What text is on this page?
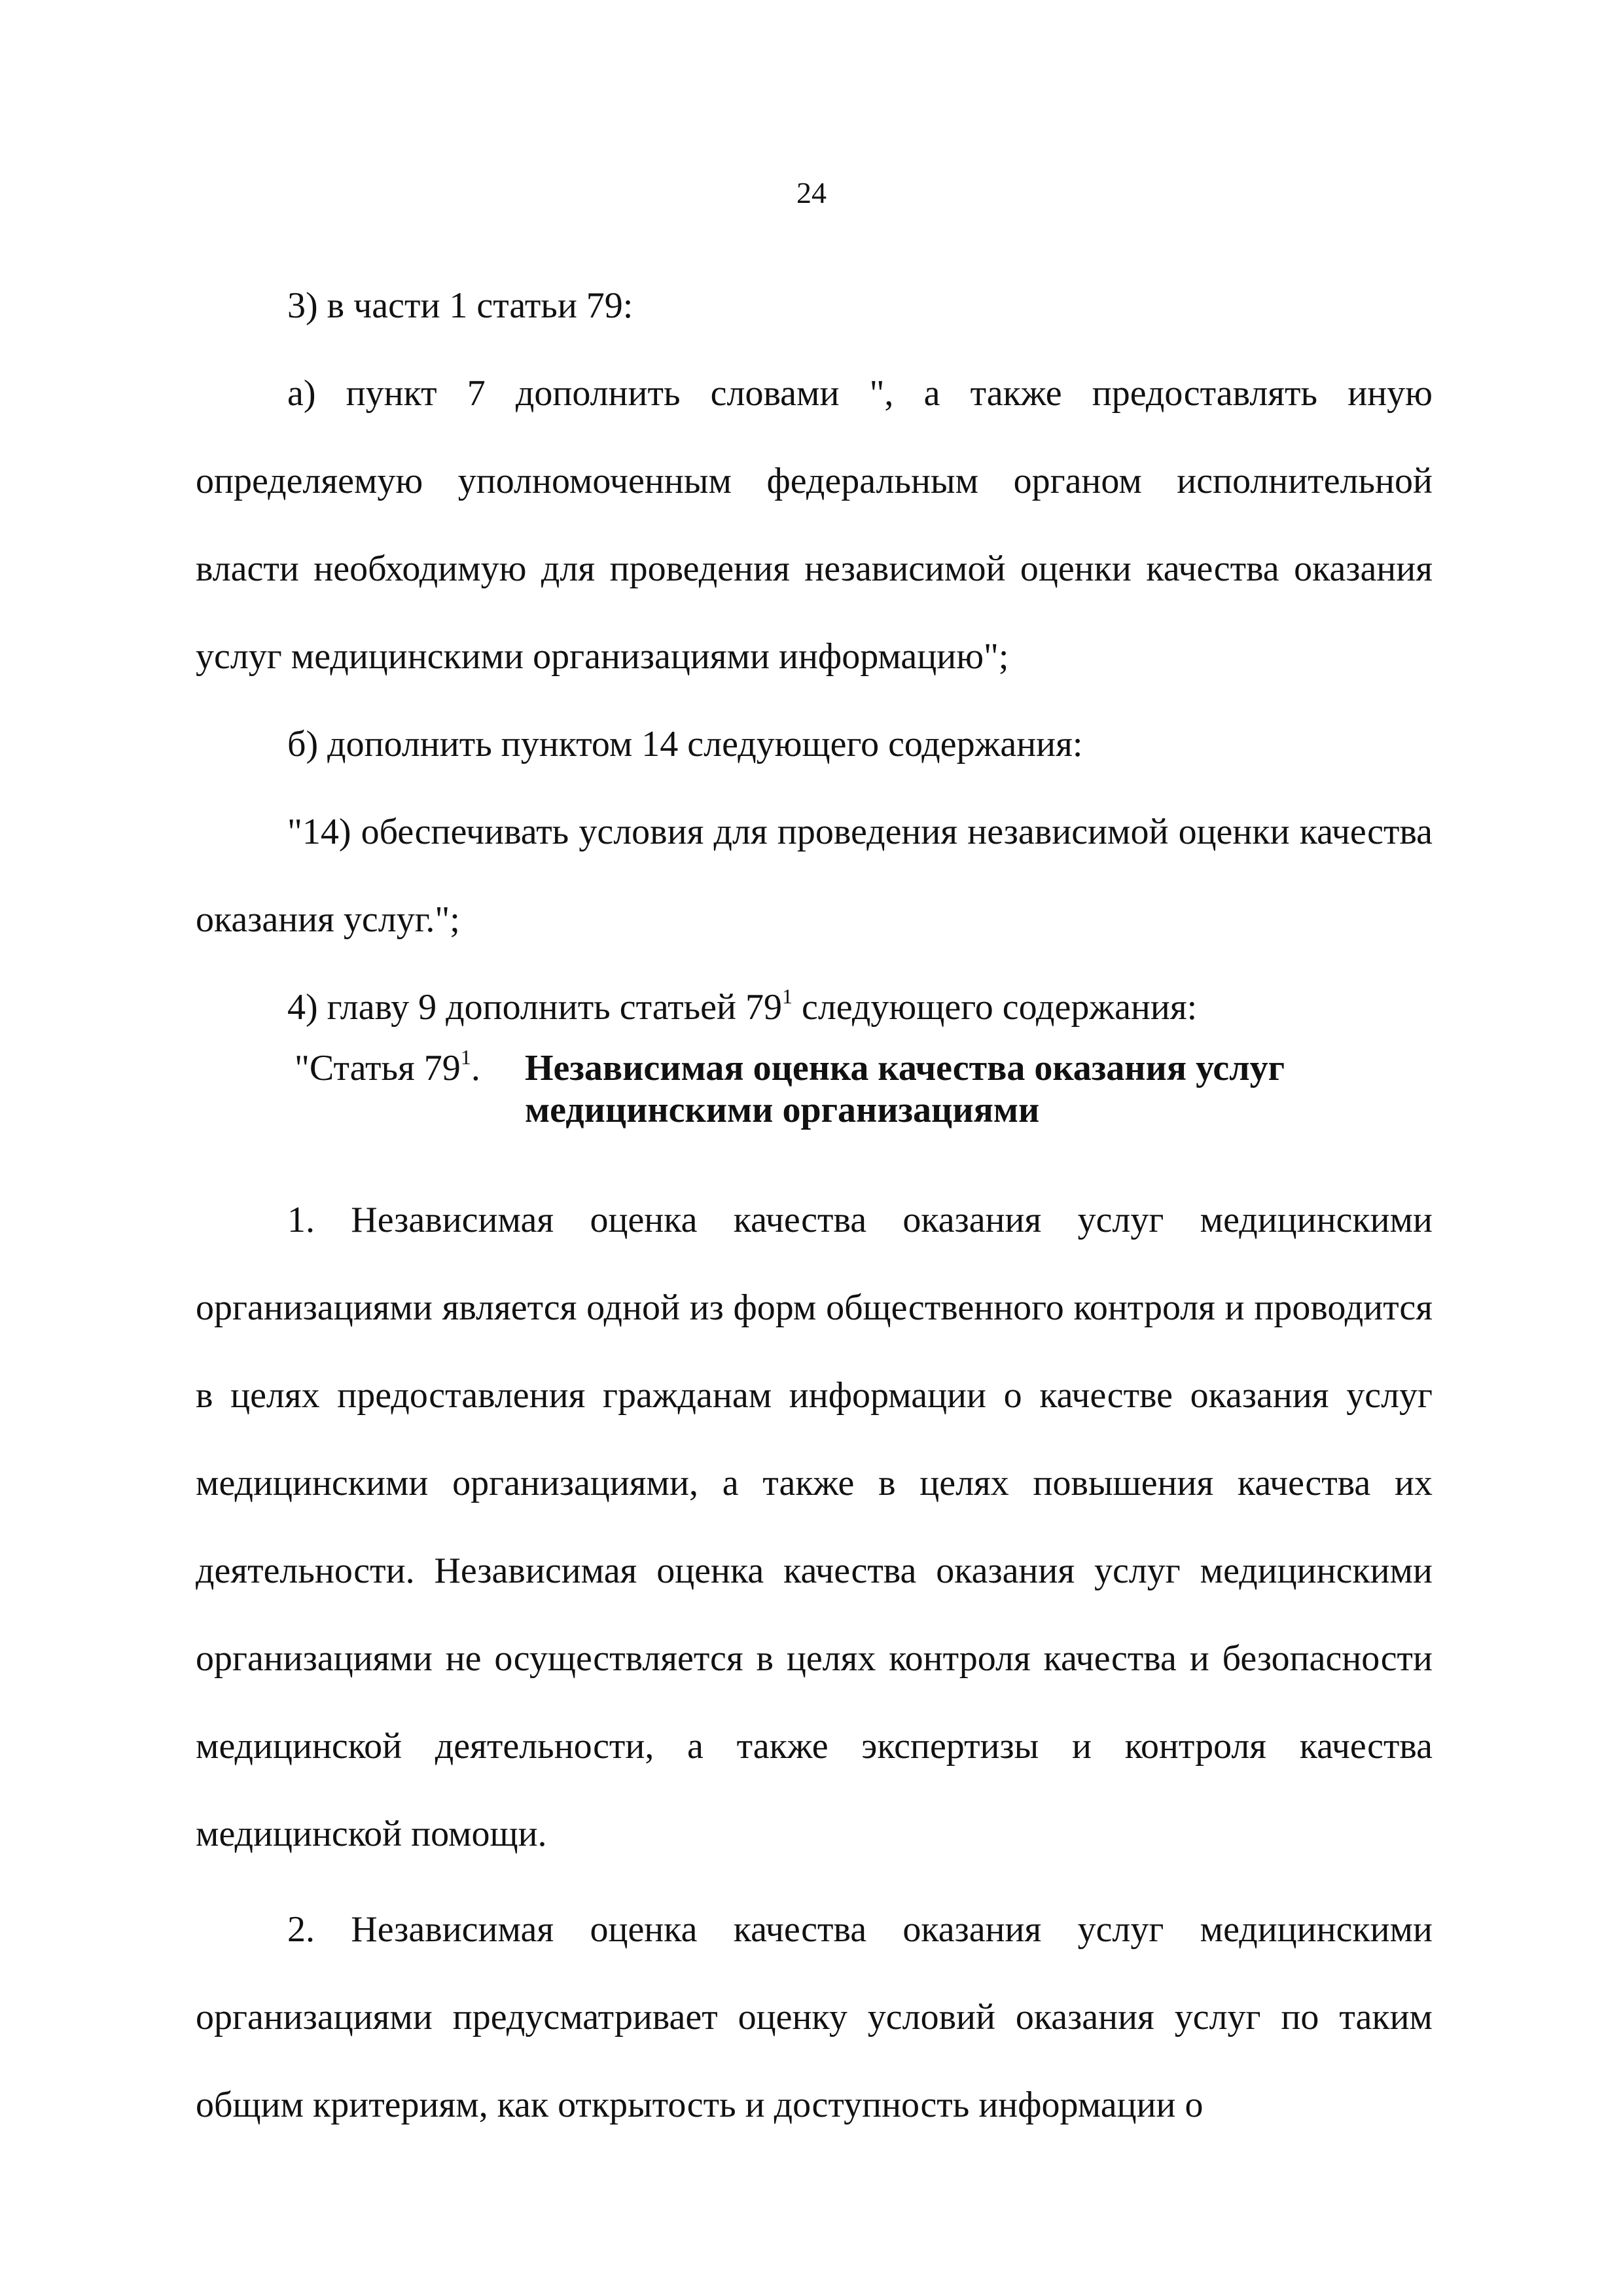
24

3) в части 1 статьи 79:

а) пункт 7 дополнить словами ", а также предоставлять иную определяемую уполномоченным федеральным органом исполнительной власти необходимую для проведения независимой оценки качества оказания услуг медицинскими организациями информацию";

б) дополнить пунктом 14 следующего содержания:

"14) обеспечивать условия для проведения независимой оценки качества оказания услуг.";

4) главу 9 дополнить статьей $79^1$ следующего содержания:

"Статья $79^1$. Независимая оценка качества оказания услуг
медицинскими организациями

1. Независимая оценка качества оказания услуг медицинскими организациями является одной из форм общественного контроля и проводится в целях предоставления гражданам информации о качестве оказания услуг медицинскими организациями, а также в целях повышения качества их деятельности. Независимая оценка качества оказания услуг медицинскими организациями не осуществляется в целях контроля качества и безопасности медицинской деятельности, а также экспертизы и контроля качества медицинской помощи.

2. Независимая оценка качества оказания услуг медицинскими организациями предусматривает оценку условий оказания услуг по таким общим критериям, как открытость и доступность информации о
